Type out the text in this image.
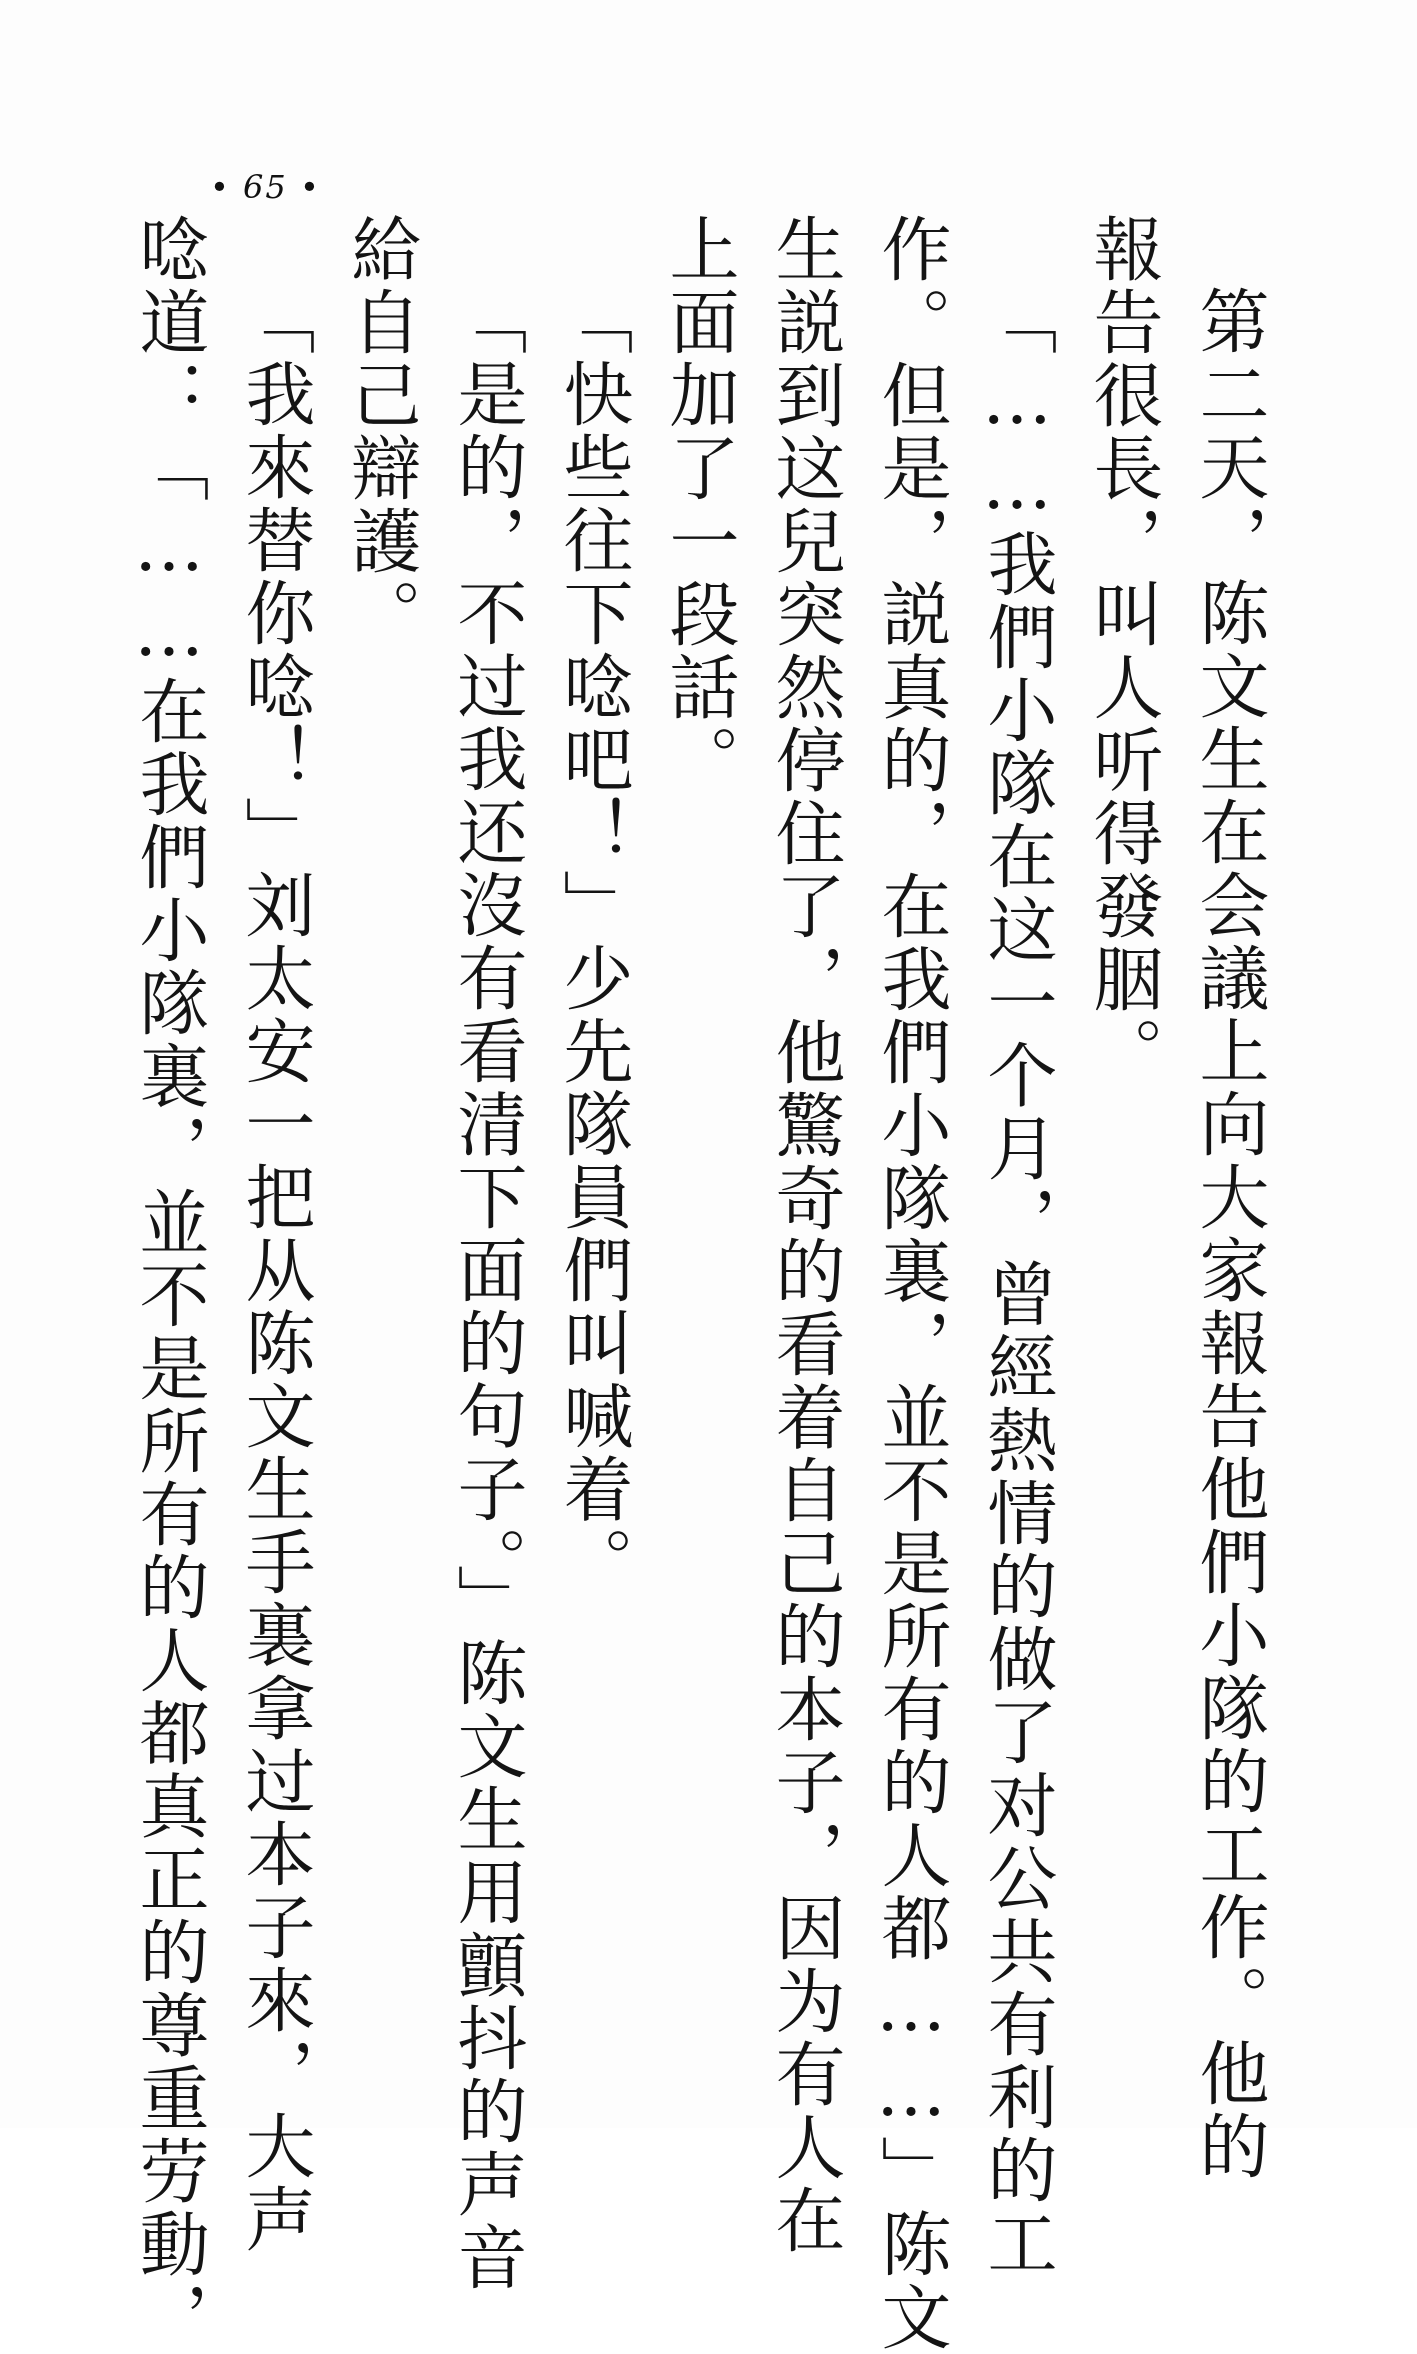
• 65 •
第二天，陈文生在会議上向大家報告他們小隊的工作。他的
報告很長，叫人听得發胭。
「……我們小隊在这一个月，曾經熱情的做了对公共有利的工
作。但是，説真的，在我們小隊裏，並不是所有的人都……」陈文
生説到这兒突然停住了，他驚奇的看着自己的本子，因为有人在
上面加了一段話。
「快些往下唸吧！」少先隊員們叫喊着。
「是的，不过我还沒有看清下面的句子。」陈文生用顫抖的声音
給自己辯護。
「我來替你唸！」刘太安一把从陈文生手裏拿过本子來，大声
唸道：「……在我們小隊裏，並不是所有的人都真正的尊重劳動，
